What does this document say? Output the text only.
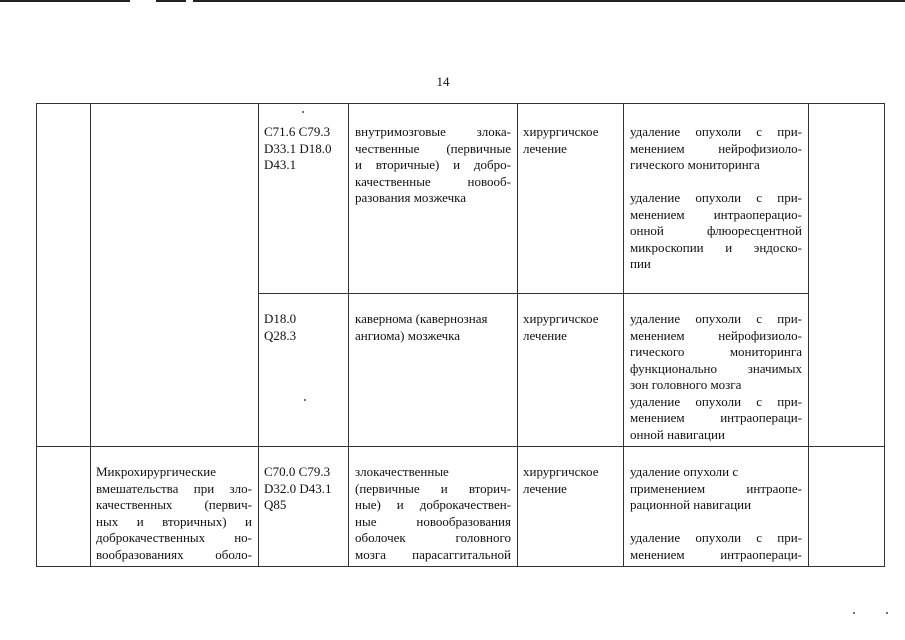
14
C71.6 C79.3
D33.1 D18.0
D43.1
внутримозговые злока-
чественные (первичные
и вторичные) и добро-
качественные новооб-
разования мозжечка
хирургичское
лечение
удаление опухоли с при-
менением нейрофизиоло-
гического мониторинга
удаление опухоли с при-
менением интраоперацио-
онной флюоресцентной
микроскопии и эндоско-
пии
D18.0
Q28.3
кавернома (кавернозная
ангиома) мозжечка
хирургичское
лечение
удаление опухоли с при-
менением нейрофизиоло-
гического мониторинга
функционально значимых
зон головного мозга
удаление опухоли с при-
менением интраопераци-
онной навигации
Микрохирургические
вмешательства при зло-
качественных (первич-
ных и вторичных) и
доброкачественных но-
вообразованиях оболо-
C70.0 C79.3
D32.0 D43.1
Q85
злокачественные
(первичные и вторич-
ные) и доброкачествен-
ные новообразования
оболочек головного
мозга парасаггитальной
хирургичское
лечение
удаление опухоли с
применением интраопе-
рационной навигации
удаление опухоли с при-
менением интраопераци-
